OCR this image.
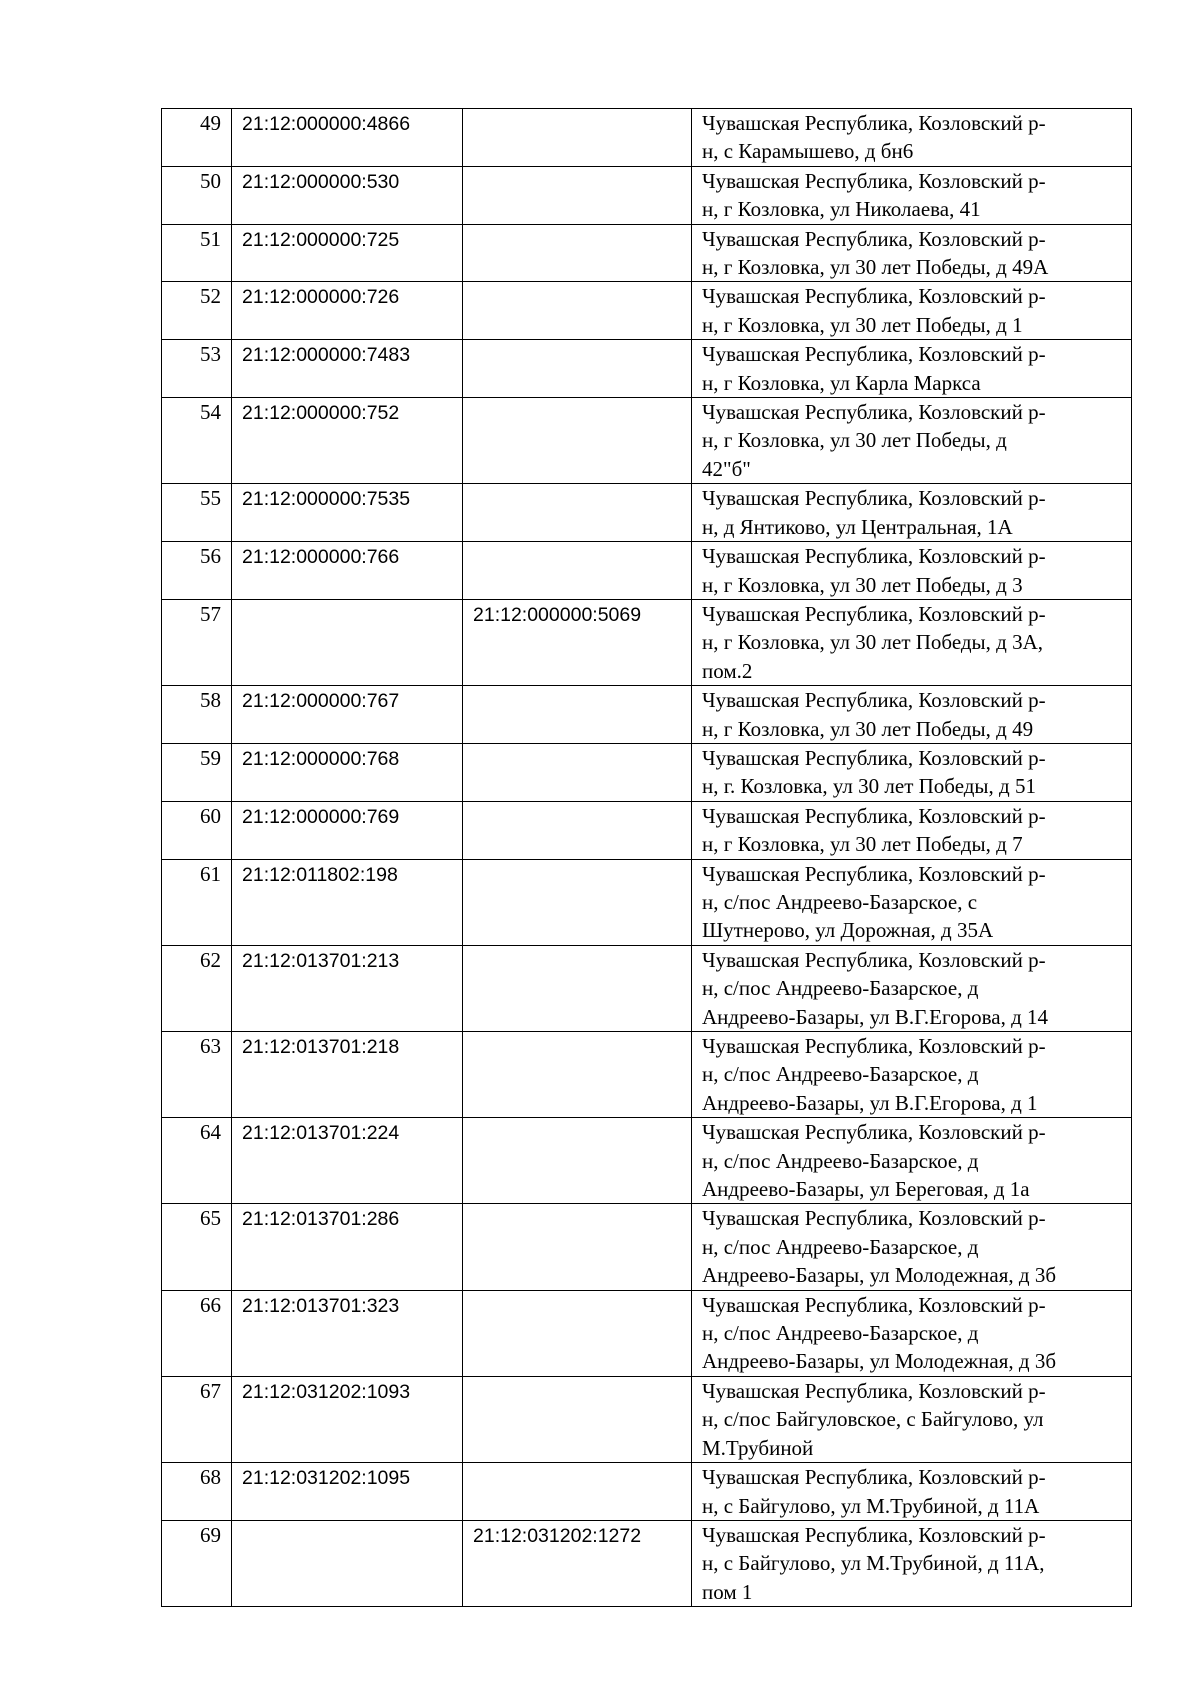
49	21:12:000000:4866		Чувашская Республика, Козловский р-
н, с Карамышево, д бн6

50	21:12:000000:530		Чувашская Республика, Козловский р-
н, г Козловка, ул Николаева, 41

51	21:12:000000:725		Чувашская Республика, Козловский р-
н, г Козловка, ул 30 лет Победы, д 49А

52	21:12:000000:726		Чувашская Республика, Козловский р-
н, г Козловка, ул 30 лет Победы, д 1

53	21:12:000000:7483		Чувашская Республика, Козловский р-
н, г Козловка, ул Карла Маркса

54	21:12:000000:752		Чувашская Республика, Козловский р-
н, г Козловка, ул 30 лет Победы, д
42"б"

55	21:12:000000:7535		Чувашская Республика, Козловский р-
н, д Янтиково, ул Центральная, 1А

56	21:12:000000:766		Чувашская Республика, Козловский р-
н, г Козловка, ул 30 лет Победы, д 3

57		21:12:000000:5069	Чувашская Республика, Козловский р-
н, г Козловка, ул 30 лет Победы, д 3А,
пом.2

58	21:12:000000:767		Чувашская Республика, Козловский р-
н, г Козловка, ул 30 лет Победы, д 49

59	21:12:000000:768		Чувашская Республика, Козловский р-
н, г. Козловка, ул 30 лет Победы, д 51

60	21:12:000000:769		Чувашская Республика, Козловский р-
н, г Козловка, ул 30 лет Победы, д 7

61	21:12:011802:198		Чувашская Республика, Козловский р-
н, с/пос Андреево-Базарское, с
Шутнерово, ул Дорожная, д 35А

62	21:12:013701:213		Чувашская Республика, Козловский р-
н, с/пос Андреево-Базарское, д
Андреево-Базары, ул В.Г.Егорова, д 14

63	21:12:013701:218		Чувашская Республика, Козловский р-
н, с/пос Андреево-Базарское, д
Андреево-Базары, ул В.Г.Егорова, д 1

64	21:12:013701:224		Чувашская Республика, Козловский р-
н, с/пос Андреево-Базарское, д
Андреево-Базары, ул Береговая, д 1а

65	21:12:013701:286		Чувашская Республика, Козловский р-
н, с/пос Андреево-Базарское, д
Андреево-Базары, ул Молодежная, д 3б

66	21:12:013701:323		Чувашская Республика, Козловский р-
н, с/пос Андреево-Базарское, д
Андреево-Базары, ул Молодежная, д 3б

67	21:12:031202:1093		Чувашская Республика, Козловский р-
н, с/пос Байгуловское, с Байгулово, ул
М.Трубиной

68	21:12:031202:1095		Чувашская Республика, Козловский р-
н, с Байгулово, ул М.Трубиной, д 11А

69		21:12:031202:1272	Чувашская Республика, Козловский р-
н, с Байгулово, ул М.Трубиной, д 11А,
пом 1
